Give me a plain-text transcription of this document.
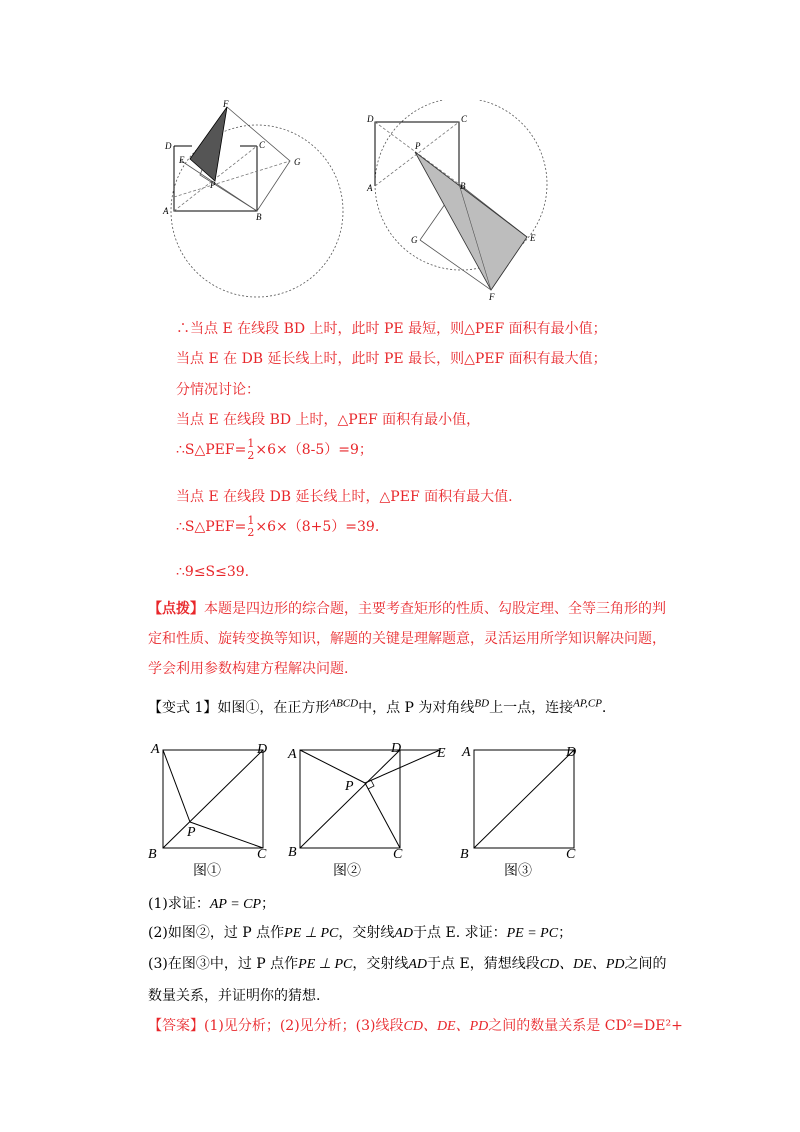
F
D	C
E
P
G
A
B
D	C
P
A	B
G	E
F
∴当点 E 在线段 BD 上时，此时 PE 最短，则△PEF 面积有最小值；
当点 E 在 DB 延长线上时，此时 PE 最长，则△PEF 面积有最大值；
分情况讨论：
当点 E 在线段 BD 上时，△PEF 面积有最小值，
∴S△PEF= 1
2 ×6×（8-5）=9；
当点 E 在线段 DB 延长线上时，△PEF 面积有最大值.
∴S△PEF= 1
2 ×6×（8+5）=39.
∴9≤S≤39.
【点拨】本题是四边形的综合题，主要考查矩形的性质、勾股定理、全等三角形的判定和性质、旋转变换等知识，解题的关键是理解题意，灵活运用所学知识解决问题，学会利用参数构建方程解决问题.
【变式 1】如图①，在正方形$^{ABCD}$中，点 P 为对角线$^{BD}$上一点，连接$^{AP,CP}$.
A	D
P
B	C
图①
A	D	E
P
B	C
图②
A	D
B	C
图③
(1)求证：AP = CP；
(2)如图②，过 P 点作PE ⊥ PC，交射线AD于点 E. 求证：PE = PC；
(3)在图③中，过 P 点作PE ⊥ PC，交射线AD于点 E，猜想线段CD、DE、PD之间的
数量关系，并证明你的猜想.
【答案】(1)见分析；(2)见分析；(3)线段CD、DE、PD之间的数量关系是 CD²=DE²+
